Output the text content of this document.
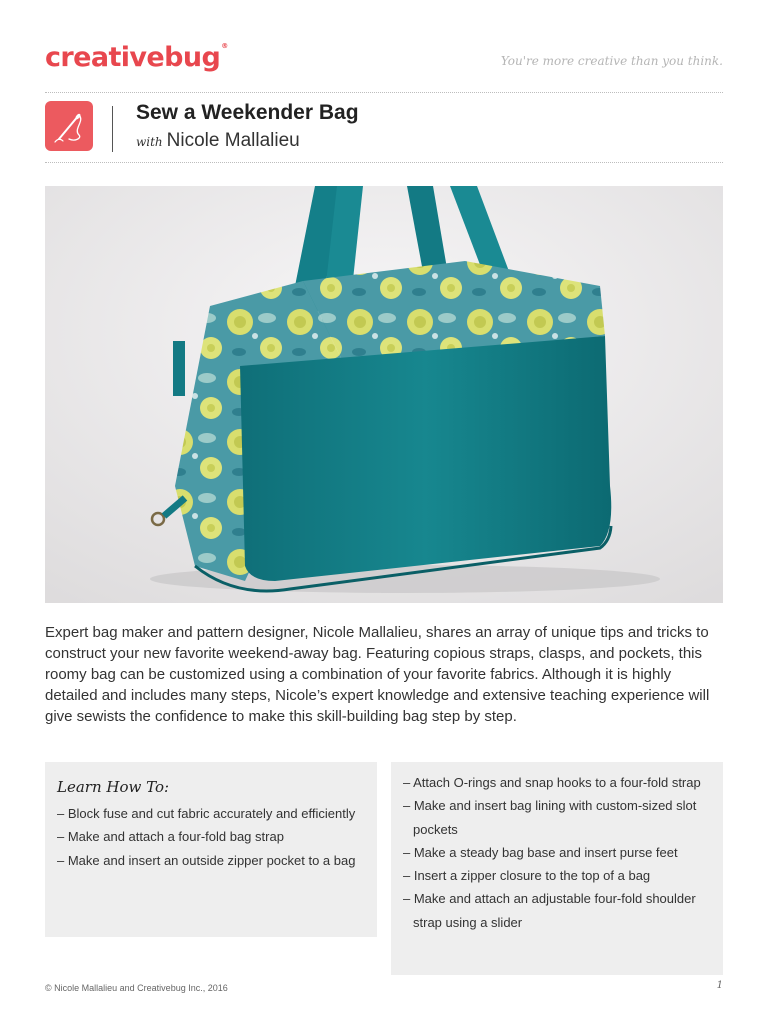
creativebug®
You're more creative than you think.
Sew a Weekender Bag
with Nicole Mallalieu
Expert bag maker and pattern designer, Nicole Mallalieu, shares an array of unique tips and tricks to construct your new favorite weekend-away bag. Featuring copious straps, clasps, and pockets, this roomy bag can be customized using a combination of your favorite fabrics. Although it is highly detailed and includes many steps, Nicole’s expert knowledge and extensive teaching experience will give sewists the confidence to make this skill-building bag step by step.
Learn How To:
– Block fuse and cut fabric accurately and efficiently
– Make and attach a four-fold bag strap
– Make and insert an outside zipper pocket to a bag
– Attach O-rings and snap hooks to a four-fold strap
– Make and insert bag lining with custom-sized slot pockets
– Make a steady bag base and insert purse feet
– Insert a zipper closure to the top of a bag
– Make and attach an adjustable four-fold shoulder strap using a slider
© Nicole Mallalieu and Creativebug Inc., 2016	1
